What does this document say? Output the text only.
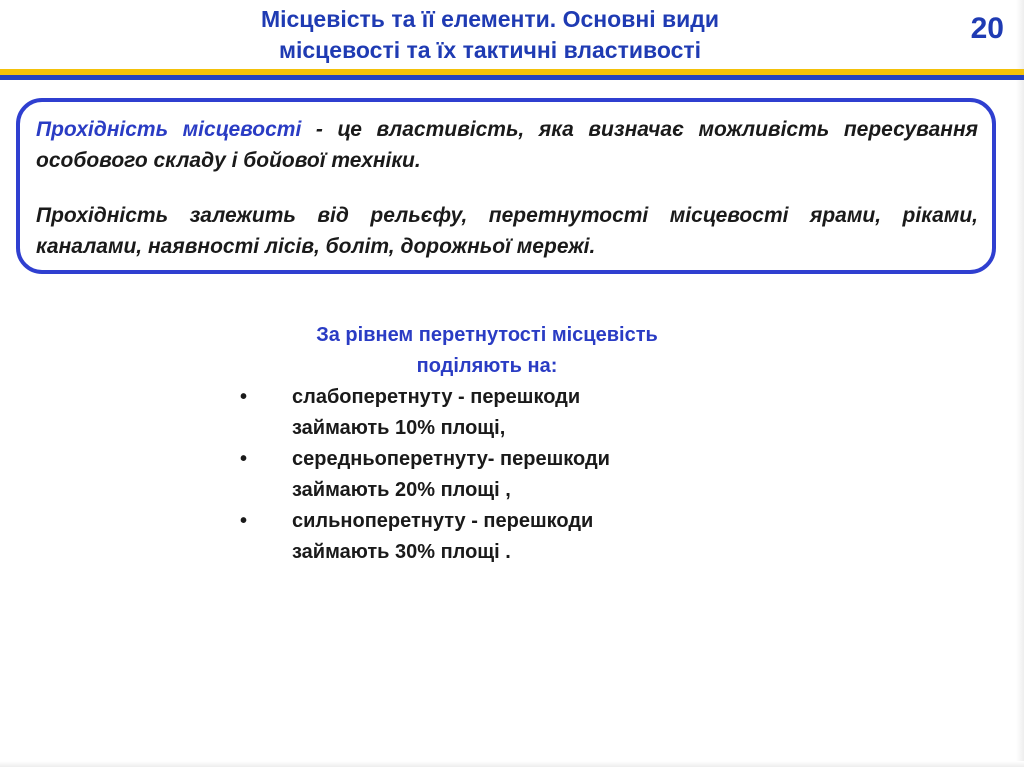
Місцевість та її елементи. Основні види
місцевості та їх тактичні властивості
20

Прохідність місцевості - це властивість, яка визначає можливість пересування особового складу і бойової техніки.

Прохідність залежить від рельєфу, перетнутості місцевості ярами, ріками, каналами, наявності лісів, боліт, дорожньої мережі.

За рівнем перетнутості місцевість
поділяють на:
• слабоперетнуту - перешкоди
займають 10% площі,
• середньоперетнуту- перешкоди
займають 20% площі ,
• сильноперетнуту - перешкоди
займають 30% площі .
